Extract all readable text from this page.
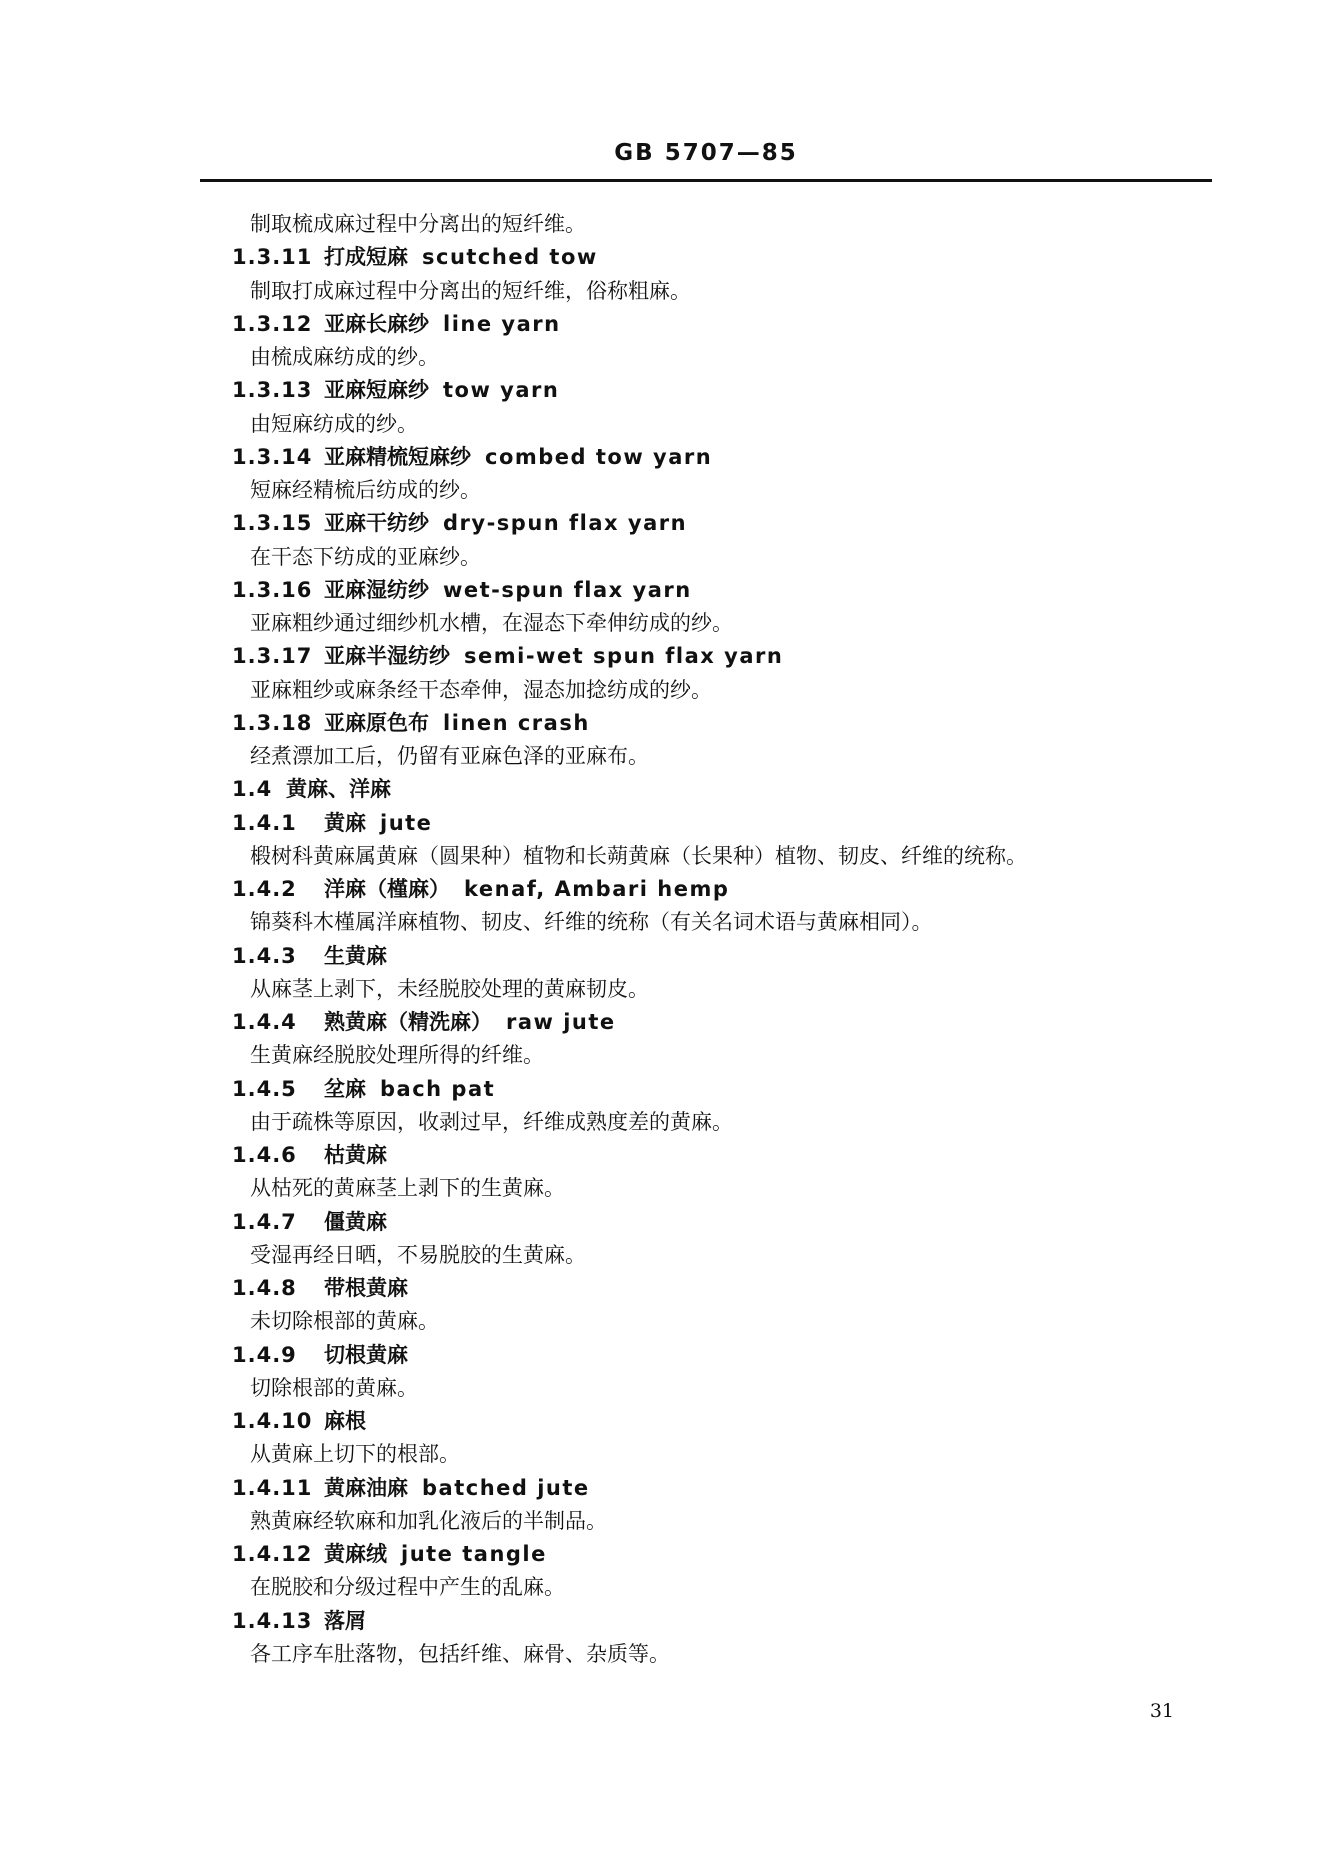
GB 5707—85
制取梳成麻过程中分离出的短纤维。
1.3.11 打成短麻 scutched tow
制取打成麻过程中分离出的短纤维，俗称粗麻。
1.3.12 亚麻长麻纱 line yarn
由梳成麻纺成的纱。
1.3.13 亚麻短麻纱 tow yarn
由短麻纺成的纱。
1.3.14 亚麻精梳短麻纱 combed tow yarn
短麻经精梳后纺成的纱。
1.3.15 亚麻干纺纱 dry-spun flax yarn
在干态下纺成的亚麻纱。
1.3.16 亚麻湿纺纱 wet-spun flax yarn
亚麻粗纱通过细纱机水槽，在湿态下牵伸纺成的纱。
1.3.17 亚麻半湿纺纱 semi-wet spun flax yarn
亚麻粗纱或麻条经干态牵伸，湿态加捻纺成的纱。
1.3.18 亚麻原色布 linen crash
经煮漂加工后，仍留有亚麻色泽的亚麻布。
1.4 黄麻、洋麻
1.4.1 黄麻 jute
椴树科黄麻属黄麻（圆果种）植物和长蒴黄麻（长果种）植物、韧皮、纤维的统称。
1.4.2 洋麻（槿麻） kenaf, Ambari hemp
锦葵科木槿属洋麻植物、韧皮、纤维的统称（有关名词术语与黄麻相同）。
1.4.3 生黄麻
从麻茎上剥下，未经脱胶处理的黄麻韧皮。
1.4.4 熟黄麻（精洗麻） raw jute
生黄麻经脱胶处理所得的纤维。
1.4.5 坌麻 bach pat
由于疏株等原因，收剥过早，纤维成熟度差的黄麻。
1.4.6 枯黄麻
从枯死的黄麻茎上剥下的生黄麻。
1.4.7 僵黄麻
受湿再经日晒，不易脱胶的生黄麻。
1.4.8 带根黄麻
未切除根部的黄麻。
1.4.9 切根黄麻
切除根部的黄麻。
1.4.10 麻根
从黄麻上切下的根部。
1.4.11 黄麻油麻 batched jute
熟黄麻经软麻和加乳化液后的半制品。
1.4.12 黄麻绒 jute tangle
在脱胶和分级过程中产生的乱麻。
1.4.13 落屑
各工序车肚落物，包括纤维、麻骨、杂质等。
31
